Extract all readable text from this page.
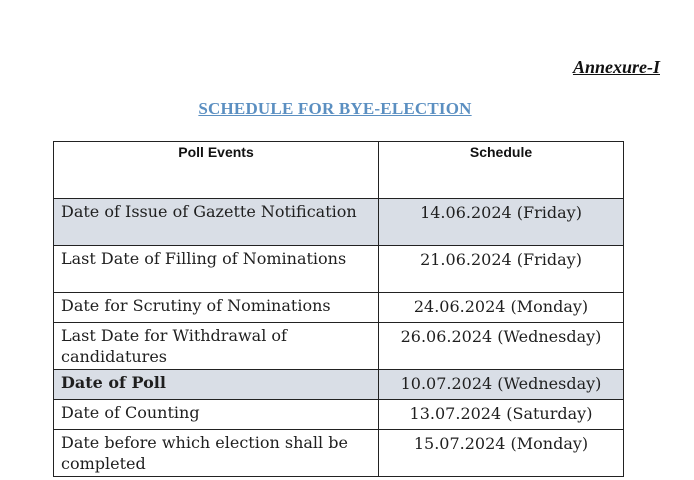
Annexure-I
SCHEDULE FOR BYE-ELECTION
Poll Events	Schedule
Date of Issue of Gazette Notification	14.06.2024 (Friday)
Last Date of Filling of Nominations	21.06.2024 (Friday)
Date for Scrutiny of Nominations	24.06.2024 (Monday)
Last Date for Withdrawal of candidatures	26.06.2024 (Wednesday)
Date of Poll	10.07.2024 (Wednesday)
Date of Counting	13.07.2024 (Saturday)
Date before which election shall be completed	15.07.2024 (Monday)
